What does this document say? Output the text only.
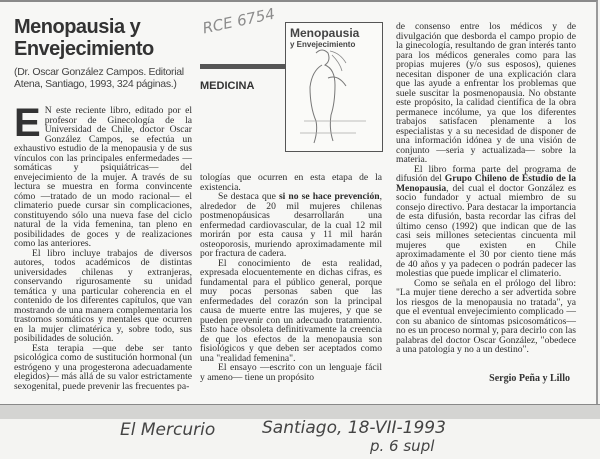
Menopausia y
Envejecimiento
(Dr. Oscar González Campos. Editorial Atena, Santiago, 1993, 324 páginas.)
RCE 6754
MEDICINA
Menopausia
y Envejecimiento

E N este reciente libro, editado por el profesor de Ginecología de la Universidad de Chile, doctor Oscar González Campos, se efectúa un exhaustivo estudio de la menopausia y de sus vínculos con las principales enfermedades —somáticas y psiquiátricas— del envejecimiento de la mujer. A través de su lectura se muestra en forma convincente cómo —tratado de un modo racional— el climaterio puede cursar sin complicaciones, constituyendo sólo una nueva fase del ciclo natural de la vida femenina, tan pleno en posibilidades de goces y de realizaciones como las anteriores.

El libro incluye trabajos de diversos autores, todos académicos de distintas universidades chilenas y extranjeras, conservando rigurosamente su unidad temática y una particular coherencia en el contenido de los diferentes capítulos, que van mostrando de una manera complementaria los trastornos somáticos y mentales que ocurren en la mujer climatérica y, sobre todo, sus posibilidades de solución.

Esta terapia —que debe ser tanto psicológica como de sustitución hormonal (un estrógeno y una progesterona adecuadamente elegidos)— más allá de su valor estrictamente sexogenital, puede prevenir las frecuentes pa-

tologías que ocurren en esta etapa de la existencia.

Se destaca que si no se hace prevención, alrededor de 20 mil mujeres chilenas postmenopáusicas desarrollarán una enfermedad cardiovascular, de la cual 12 mil morirán por esta causa y 11 mil harán osteoporosis, muriendo aproximadamente mil por fractura de cadera.

El conocimiento de esta realidad, expresada elocuentemente en dichas cifras, es fundamental para el público general, porque muy pocas personas saben que las enfermedades del corazón son la principal causa de muerte entre las mujeres, y que se pueden prevenir con un adecuado tratamiento. Esto hace obsoleta definitivamente la creencia de que los efectos de la menopausia son fisiológicos y que deben ser aceptados como una "realidad femenina".

El ensayo —escrito con un lenguaje fácil y ameno— tiene un propósito

de consenso entre los médicos y de divulgación que desborda el campo propio de la ginecología, resultando de gran interés tanto para los médicos generales como para las propias mujeres (y/o sus esposos), quienes necesitan disponer de una explicación clara que las ayude a enfrentar los problemas que suele suscitar la posmenopausia. No obstante este propósito, la calidad científica de la obra permanece incólume, ya que los diferentes trabajos satisfacen plenamente a los especialistas y a su necesidad de disponer de una información idónea y de una visión de conjunto —seria y actualizada— sobre la materia.

El libro forma parte del programa de difusión del Grupo Chileno de Estudio de la Menopausia, del cual el doctor González es socio fundador y actual miembro de su consejo directivo. Para destacar la importancia de esta difusión, basta recordar las cifras del último censo (1992) que indican que de las casi seis millones setecientas cincuenta mil mujeres que existen en Chile aproximadamente el 30 por ciento tiene más de 40 años y ya padecen o podrán padecer las molestias que puede implicar el climaterio.

Como se señala en el prólogo del libro: "La mujer tiene derecho a ser advertida sobre los riesgos de la menopausia no tratada", ya que el eventual envejecimiento complicado —con su abanico de síntomas psicosomáticos— no es un proceso normal y, para decirlo con las palabras del doctor Oscar González, "obedece a una patología y no a un destino".

Sergio Peña y Lillo
El Mercurio	Santiago, 18-VII-1993
p. 6 supl
